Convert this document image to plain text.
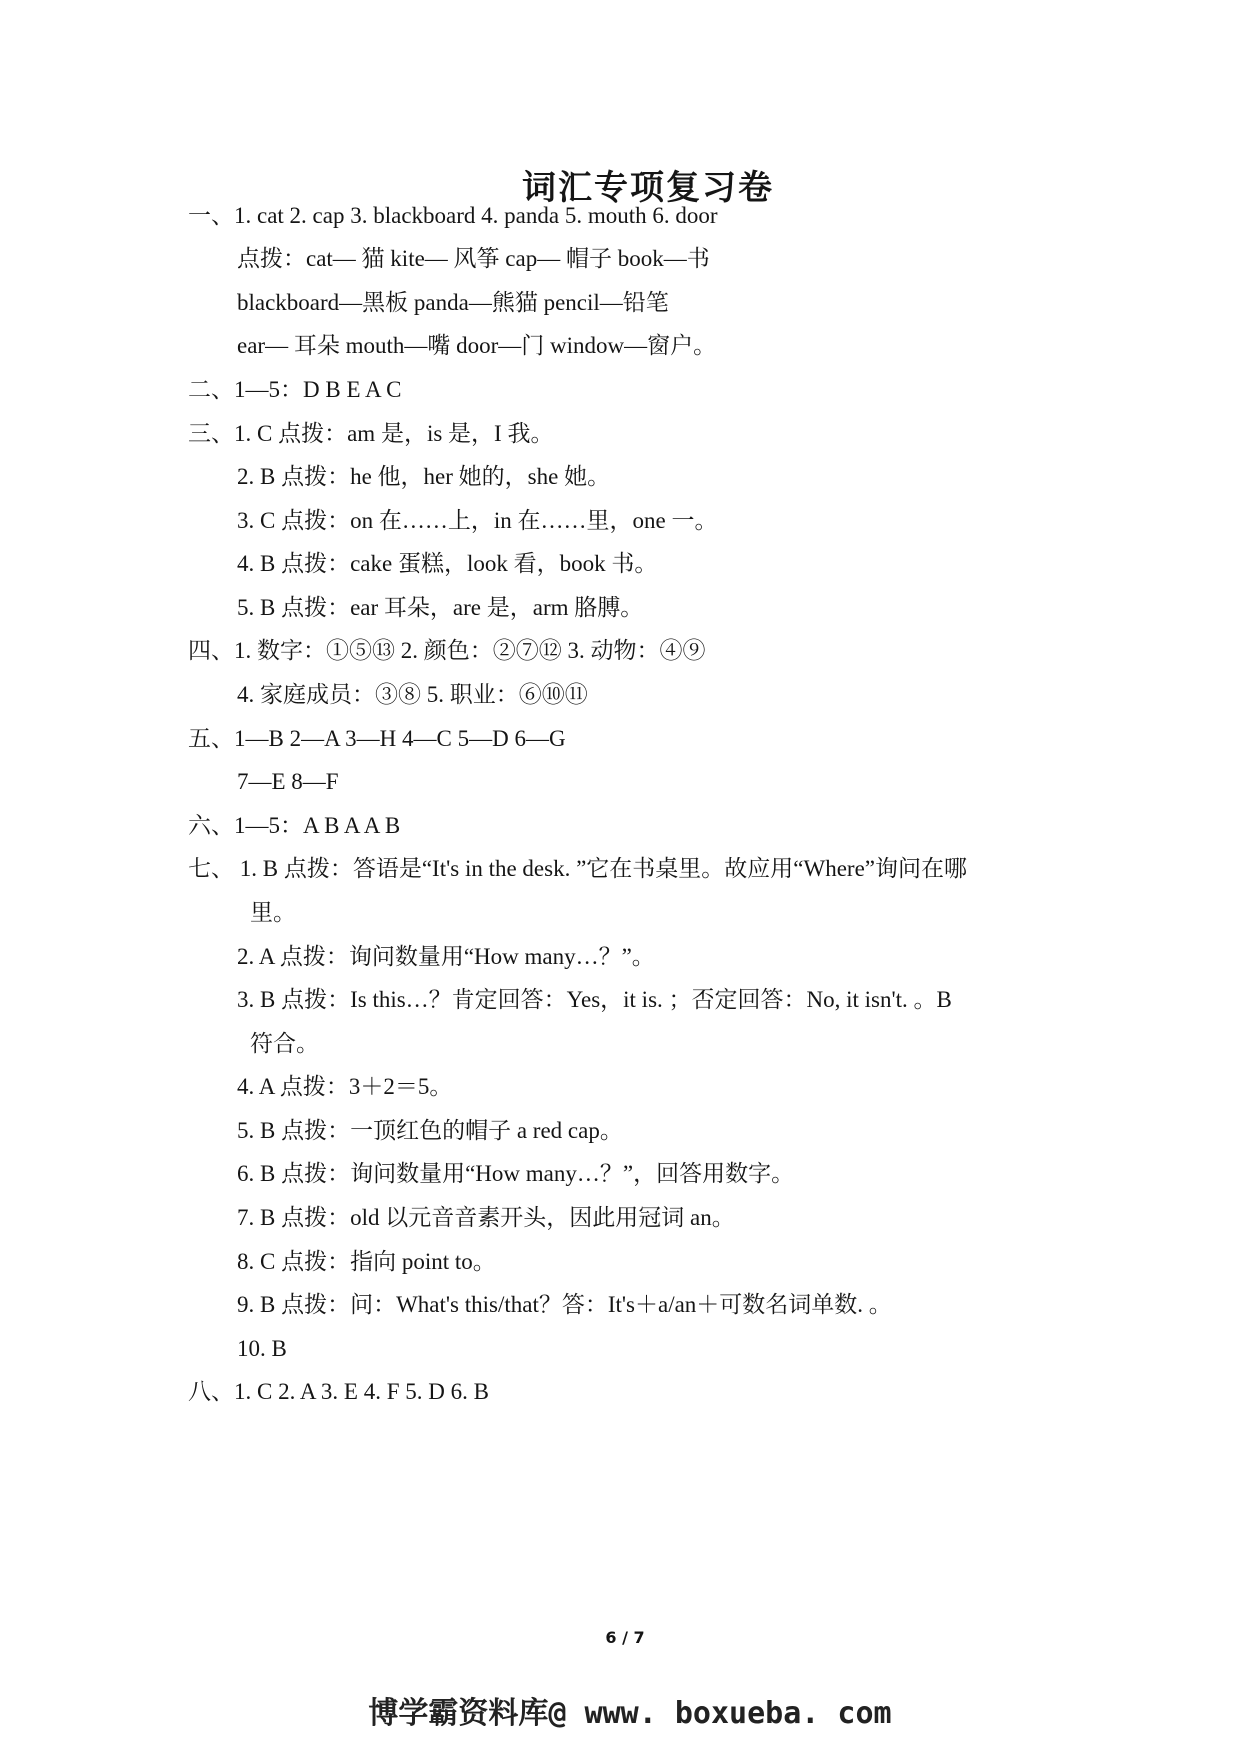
词汇专项复习卷
一、1. cat 2. cap 3. blackboard 4. panda 5. mouth 6. door
点拨：cat— 猫 kite— 风筝 cap— 帽子 book—书
blackboard—黑板 panda—熊猫 pencil—铅笔
ear— 耳朵 mouth—嘴 door—门 window—窗户。
二、1—5：D B E A C
三、1. C 点拨：am 是，is 是，I 我。
2. B 点拨：he 他，her 她的，she 她。
3. C 点拨：on 在……上，in 在……里，one 一。
4. B 点拨：cake 蛋糕，look 看，book 书。
5. B 点拨：ear 耳朵，are 是，arm 胳膊。
四、1. 数字：①⑤⑬ 2. 颜色：②⑦⑫ 3. 动物：④⑨
4. 家庭成员：③⑧ 5. 职业：⑥⑩⑪
五、1—B 2—A 3—H 4—C 5—D 6—G
7—E 8—F
六、1—5：A B A A B
七、 1. B 点拨：答语是“It's in the desk. ”它在书桌里。故应用“Where”询问在哪
里。
2. A 点拨：询问数量用“How many…？”。
3. B 点拨：Is this…？肯定回答：Yes，it is. ；否定回答：No, it isn't. 。B
符合。
4. A 点拨：3＋2＝5。
5. B 点拨：一顶红色的帽子 a red cap。
6. B 点拨：询问数量用“How many…？”，回答用数字。
7. B 点拨：old 以元音音素开头，因此用冠词 an。
8. C 点拨：指向 point to。
9. B 点拨：问：What's this/that？答：It's＋a/an＋可数名词单数. 。
10. B
八、1. C 2. A 3. E 4. F 5. D 6. B
6 / 7
博学霸资料库@ www. boxueba. com
